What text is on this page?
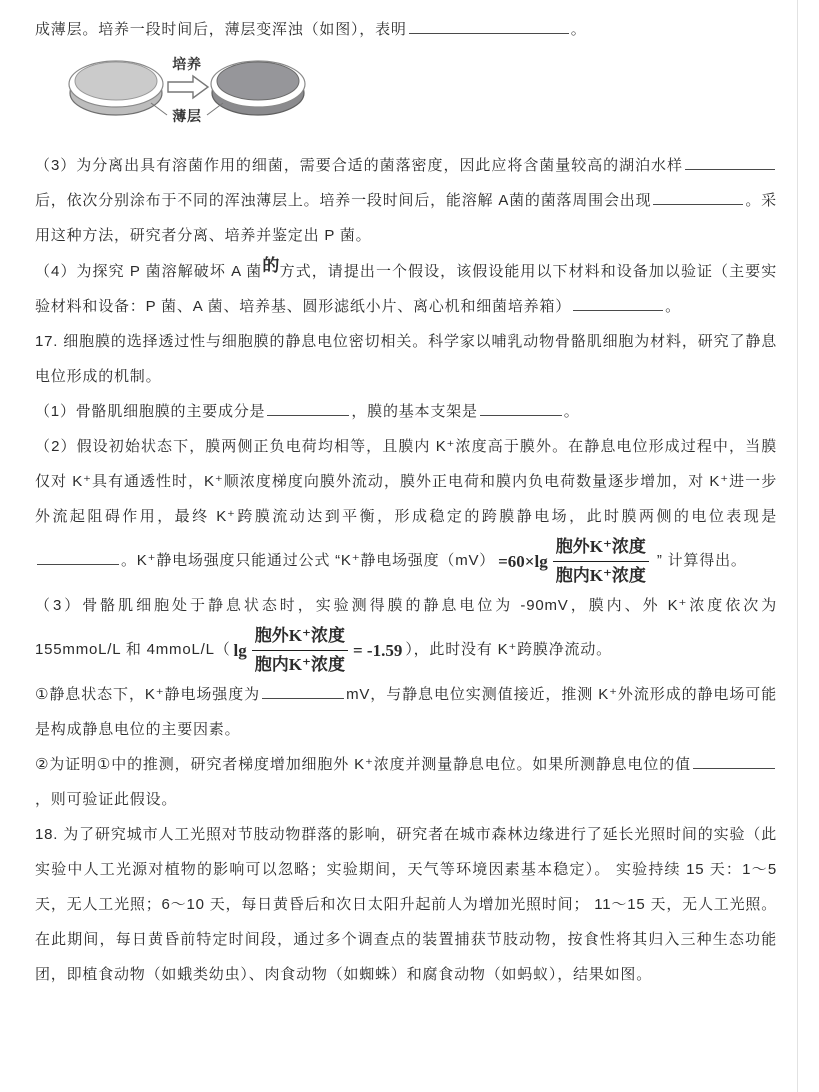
成薄层。培养一段时间后，薄层变浑浊（如图），表明	。

培养
薄层

（3）为分离出具有溶菌作用的细菌，需要合适的菌落密度，因此应将含菌量较高的湖泊水样后，依次分别涂布于不同的浑浊薄层上。培养一段时间后，能溶解 A菌的菌落周围会出现	。采用这种方法，研究者分离、培养并鉴定出 P 菌。

（4）为探究 P 菌溶解破坏 A 菌的方式，请提出一个假设，该假设能用以下材料和设备加以验证（主要实验材料和设备：P 菌、A 菌、培养基、圆形滤纸小片、离心机和细菌培养箱）	。

17. 细胞膜的选择透过性与细胞膜的静息电位密切相关。科学家以哺乳动物骨骼肌细胞为材料，研究了静息电位形成的机制。

（1）骨骼肌细胞膜的主要成分是	，膜的基本支架是	。

（2）假设初始状态下，膜两侧正负电荷均相等，且膜内 K⁺浓度高于膜外。在静息电位形成过程中，当膜仅对 K⁺具有通透性时，K⁺顺浓度梯度向膜外流动，膜外正电荷和膜内负电荷数量逐步增加，对 K⁺进一步外流起阻碍作用，最终 K⁺跨膜流动达到平衡，形成稳定的跨膜静电场，此时膜两侧的电位表现是。K⁺静电场强度只能通过公式 “K⁺静电场强度$(mV) =60\times\lg \frac{\text{胞外K⁺浓度}}{\text{胞内K⁺浓度}}$ ” 计算得出。

（3）骨骼肌细胞处于静息状态时，实验测得膜的静息电位为 -90mV，膜内、外 K⁺浓度依次为 155mmoL/L 和 4mmoL/L（ $\lg \frac{\text{胞外K⁺浓度}}{\text{胞内K⁺浓度}} = -1.59$ ），此时没有 K⁺跨膜净流动。

①静息状态下，K⁺静电场强度为	mV，与静息电位实测值接近，推测 K⁺外流形成的静电场可能是构成静息电位的主要因素。

②为证明①中的推测，研究者梯度增加细胞外 K⁺浓度并测量静息电位。如果所测静息电位的值，则可验证此假设。

18. 为了研究城市人工光照对节肢动物群落的影响，研究者在城市森林边缘进行了延长光照时间的实验（此实验中人工光源对植物的影响可以忽略；实验期间，天气等环境因素基本稳定）。 实验持续 15 天：1～5 天，无人工光照；6～10 天，每日黄昏后和次日太阳升起前人为增加光照时间； 11～15 天，无人工光照。在此期间，每日黄昏前特定时间段，通过多个调查点的装置捕获节肢动物，按食性将其归入三种生态功能团，即植食动物（如蛾类幼虫）、肉食动物（如蜘蛛）和腐食动物（如蚂蚁），结果如图。
